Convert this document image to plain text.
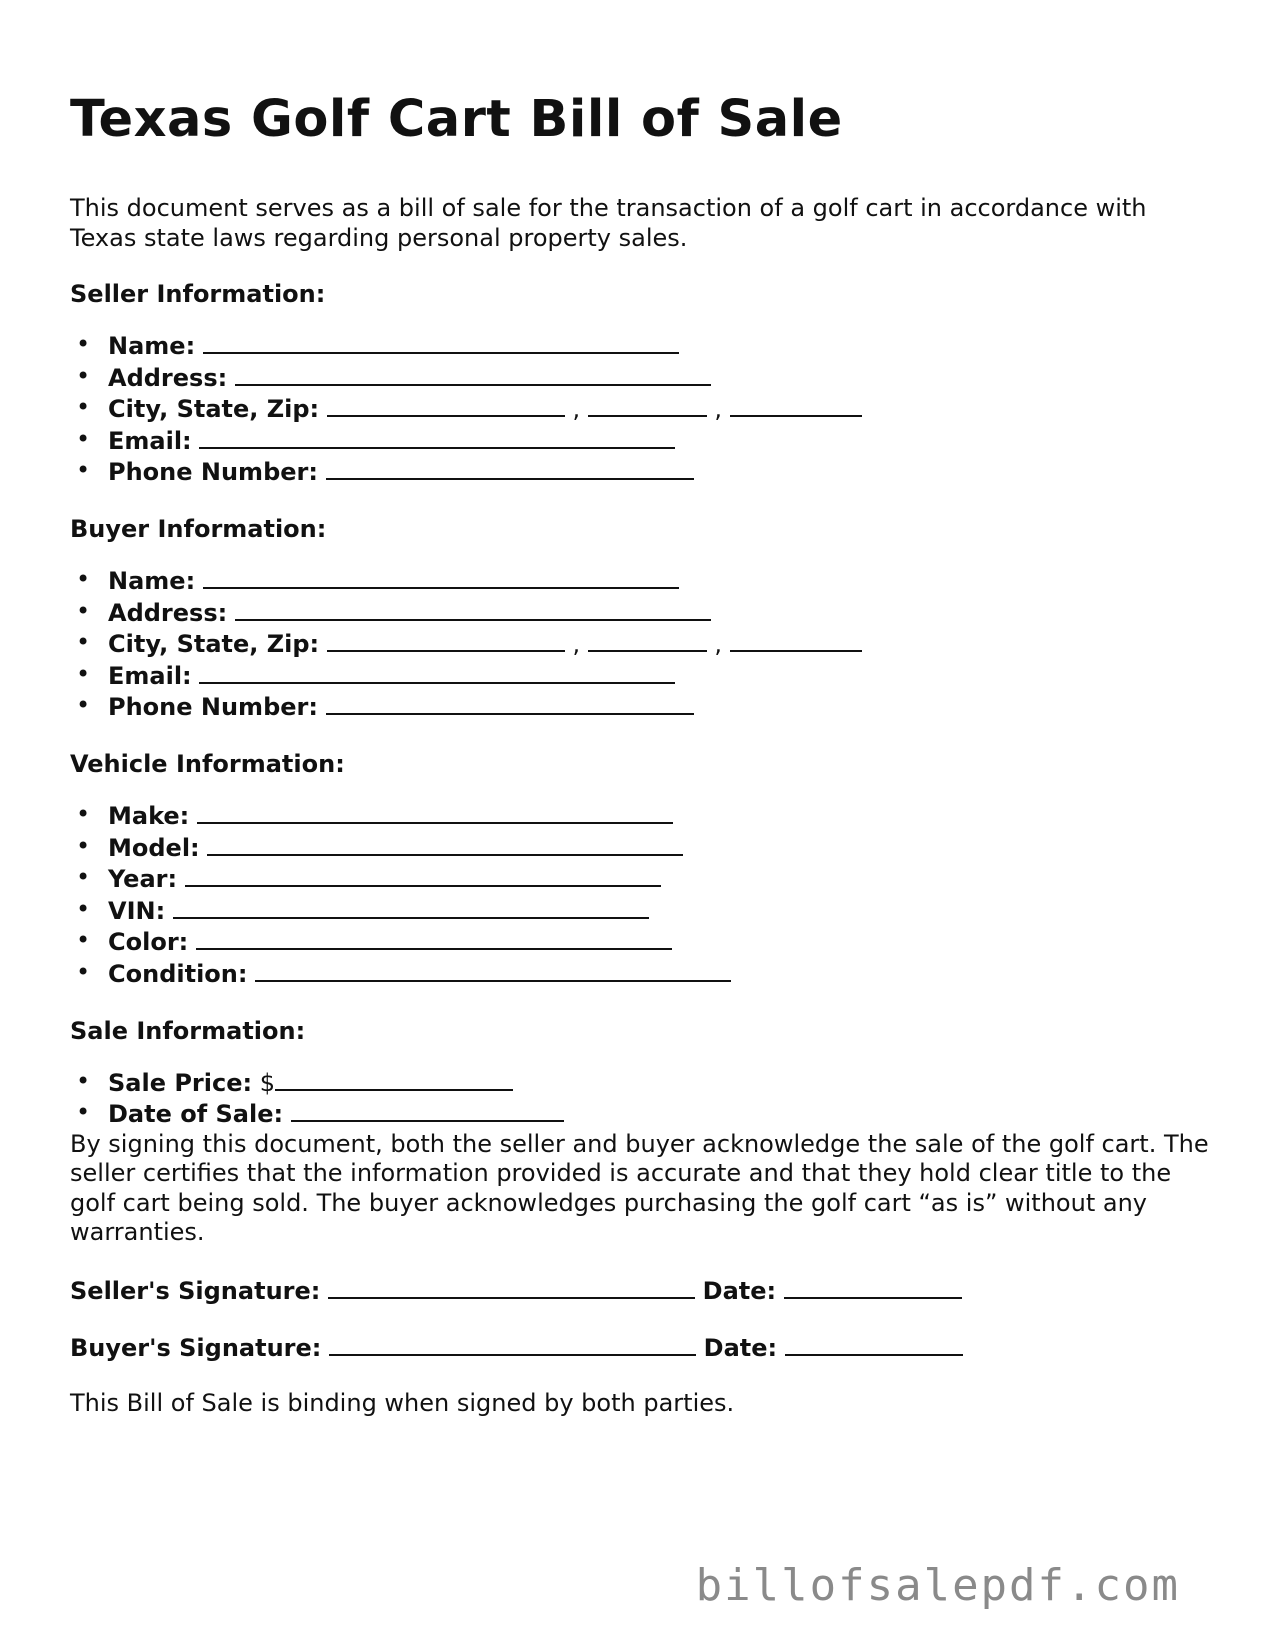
Texas Golf Cart Bill of Sale

This document serves as a bill of sale for the transaction of a golf cart in accordance with Texas state laws regarding personal property sales.

Seller Information:
• Name:
• Address:
• City, State, Zip:	,	,
• Email:
• Phone Number:
Buyer Information:
• Name:
• Address:
• City, State, Zip:	,	,
• Email:
• Phone Number:
Vehicle Information:
• Make:
• Model:
• Year:
• VIN:
• Color:
• Condition:
Sale Information:
• Sale Price: $
• Date of Sale:

By signing this document, both the seller and buyer acknowledge the sale of the golf cart. The seller certifies that the information provided is accurate and that they hold clear title to the golf cart being sold. The buyer acknowledges purchasing the golf cart “as is” without any warranties.

Seller's Signature:	Date:
Buyer's Signature:	Date:
This Bill of Sale is binding when signed by both parties.
billofsalepdf.com
